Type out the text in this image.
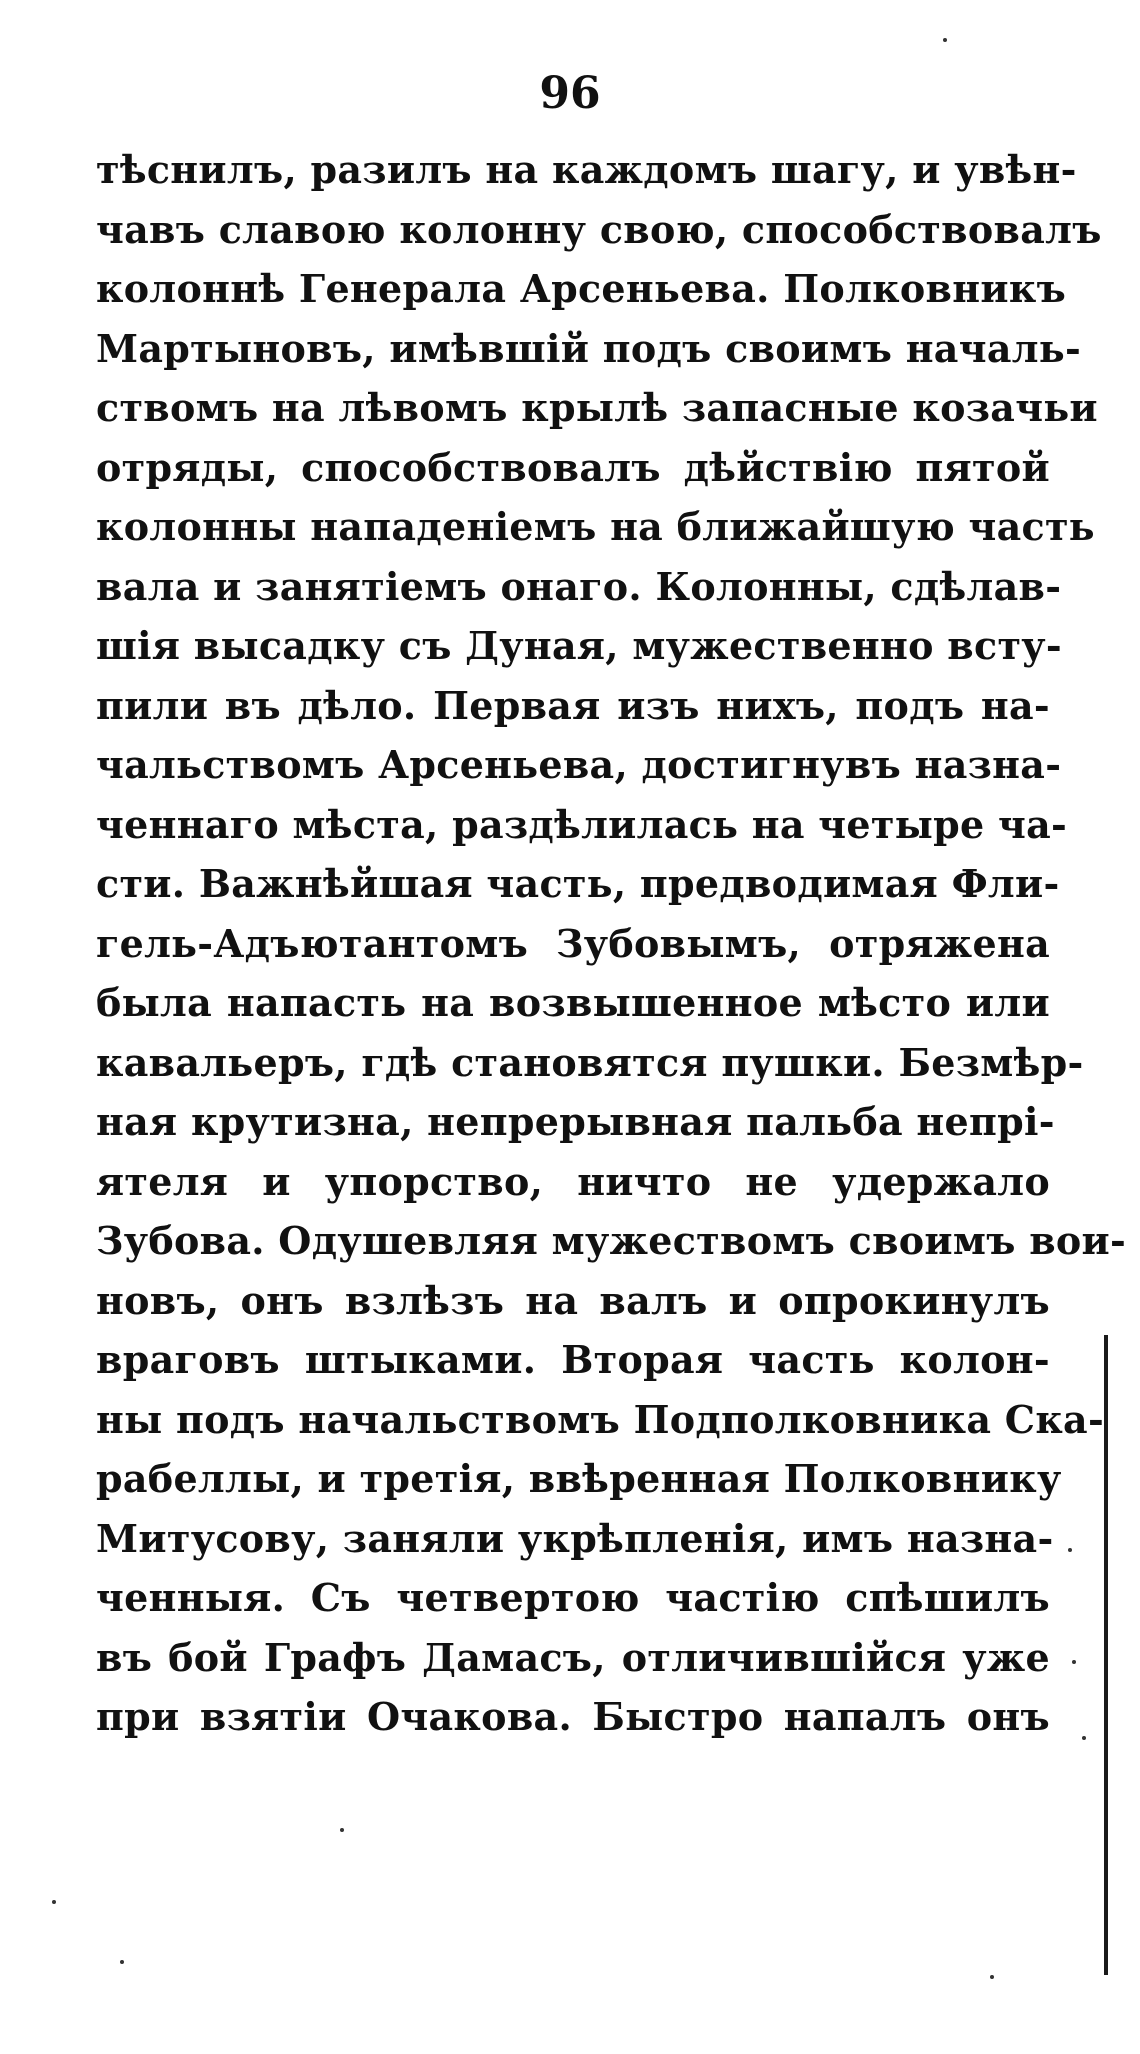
96
тѣснилъ, разилъ на каждомъ шагу, и увѣн-
чавъ славою колонну свою, способствовалъ
колоннѣ Генерала Арсеньева. Полковникъ
Мартыновъ, имѣвшій подъ своимъ началь-
ствомъ на лѣвомъ крылѣ запасные козачьи
отряды, способствовалъ дѣйствію пятой
колонны нападеніемъ на ближайшую часть
вала и занятіемъ онаго. Колонны, сдѣлав-
шія высадку съ Дуная, мужественно всту-
пили въ дѣло. Первая изъ нихъ, подъ на-
чальствомъ Арсеньева, достигнувъ назна-
ченнаго мѣста, раздѣлилась на четыре ча-
сти. Важнѣйшая часть, предводимая Фли-
гель-Адъютантомъ Зубовымъ, отряжена
была напасть на возвышенное мѣсто или
кавальеръ, гдѣ становятся пушки. Безмѣр-
ная крутизна, непрерывная пальба непрі-
ятеля и упорство, ничто не удержало
Зубова. Одушевляя мужествомъ своимъ вои-
новъ, онъ взлѣзъ на валъ и опрокинулъ
враговъ штыками. Вторая часть колон-
ны подъ начальствомъ Подполковника Ска-
рабеллы, и третія, ввѣренная Полковнику
Митусову, заняли укрѣпленія, имъ назна-
ченныя. Съ четвертою частію спѣшилъ
въ бой Графъ Дамасъ, отличившійся уже
при взятіи Очакова. Быстро напалъ онъ
